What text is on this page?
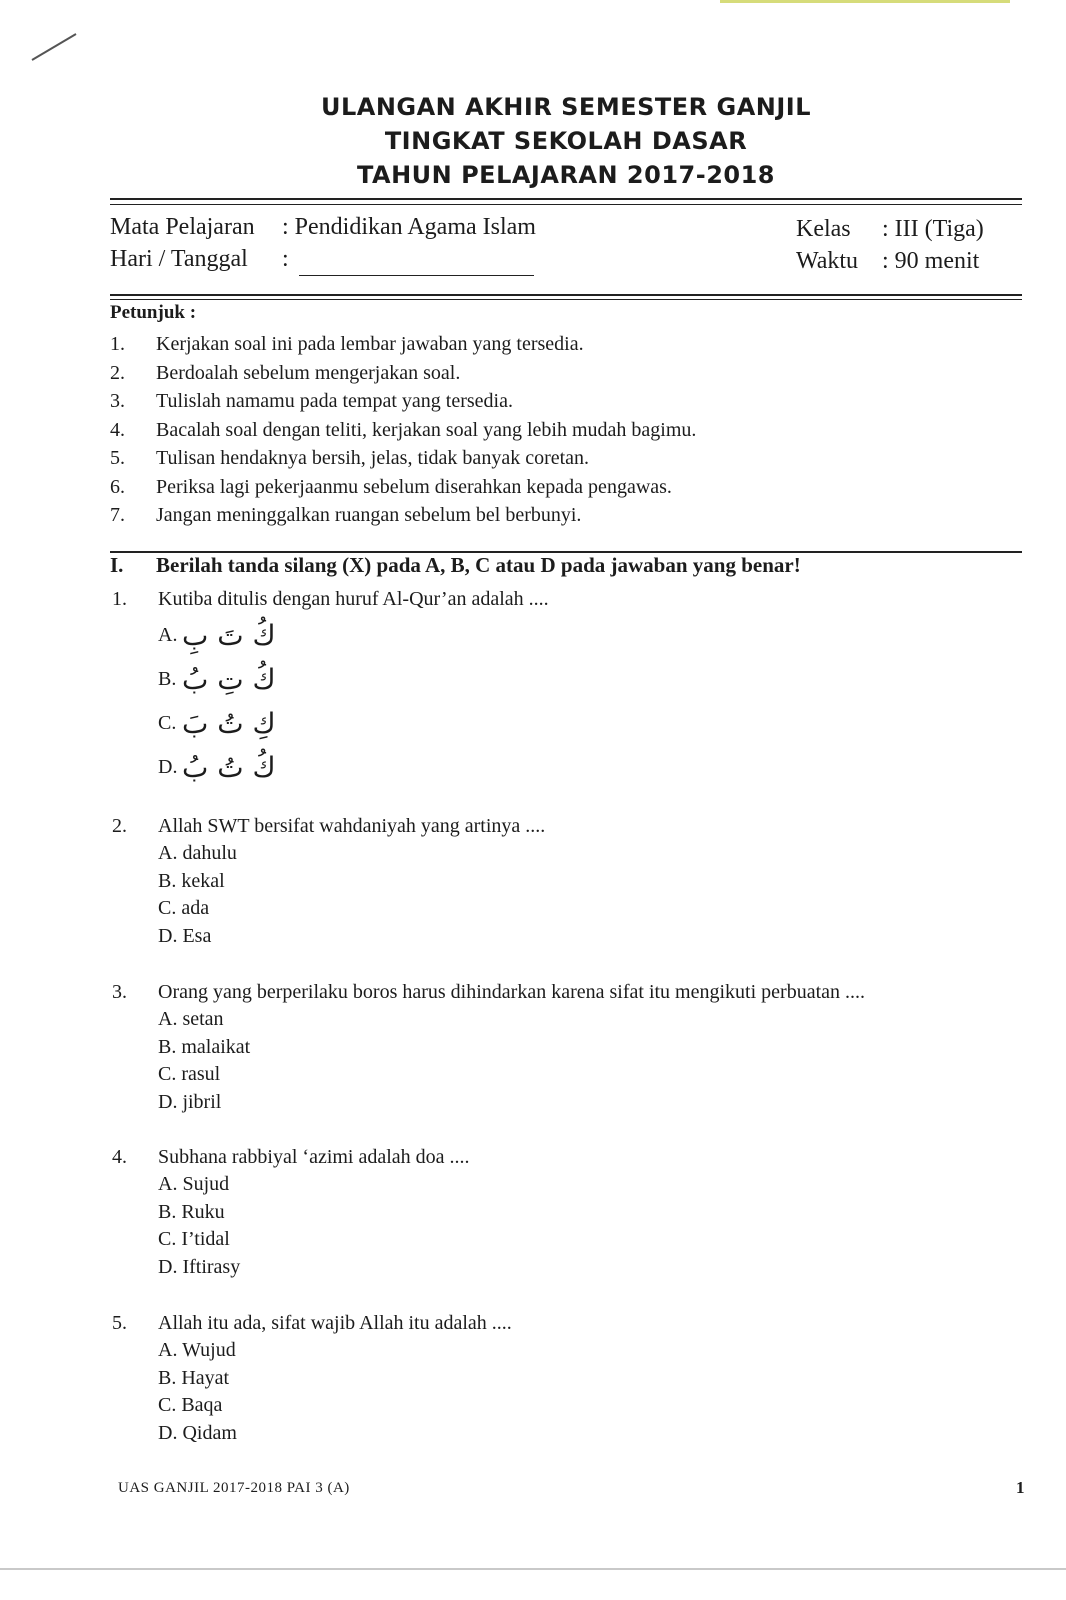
ULANGAN AKHIR SEMESTER GANJIL
TINGKAT SEKOLAH DASAR
TAHUN PELAJARAN 2017-2018
Mata Pelajaran : Pendidikan Agama Islam
Hari / Tanggal :
Kelas : III (Tiga)
Waktu : 90 menit
Petunjuk :
1.	Kerjakan soal ini pada lembar jawaban yang tersedia.
2.	Berdoalah sebelum mengerjakan soal.
3.	Tulislah namamu pada tempat yang tersedia.
4.	Bacalah soal dengan teliti, kerjakan soal yang lebih mudah bagimu.
5.	Tulisan hendaknya bersih, jelas, tidak banyak coretan.
6.	Periksa lagi pekerjaanmu sebelum diserahkan kepada pengawas.
7.	Jangan meninggalkan ruangan sebelum bel berbunyi.
I.	Berilah tanda silang (X) pada A, B, C atau D pada jawaban yang benar!
1.	Kutiba ditulis dengan huruf Al-Qur’an adalah ....
A. كُ تَ بِ
B. كُ تِ بُ
C. كِ تُ بَ
D. كُ تُ بُ
2.	Allah SWT bersifat wahdaniyah yang artinya ....
A. dahulu
B. kekal
C. ada
D. Esa
3.	Orang yang berperilaku boros harus dihindarkan karena sifat itu mengikuti perbuatan ....
A. setan
B. malaikat
C. rasul
D. jibril
4.	Subhana rabbiyal ‘azimi adalah doa ....
A. Sujud
B. Ruku
C. I’tidal
D. Iftirasy
5.	Allah itu ada, sifat wajib Allah itu adalah ....
A. Wujud
B. Hayat
C. Baqa
D. Qidam
UAS GANJIL 2017-2018 PAI 3 (A)	1
